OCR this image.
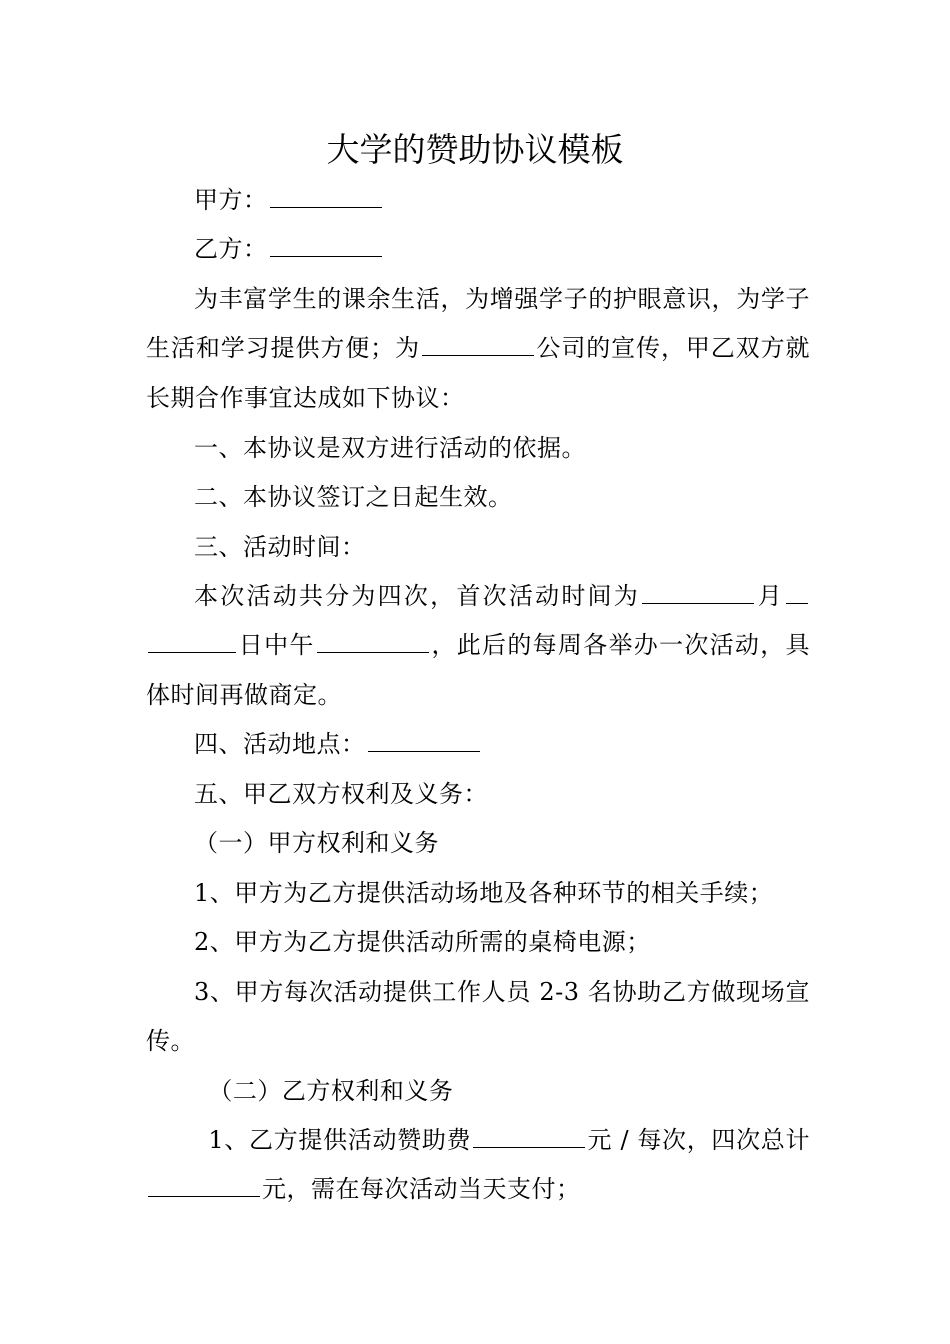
大学的赞助协议模板
甲方：
乙方：
为丰富学生的课余生活，为增强学子的护眼意识，为学子生活和学习提供方便；为	公司的宣传，甲乙双方就长期合作事宜达成如下协议：
一、本协议是双方进行活动的依据。
二、本协议签订之日起生效。
三、活动时间：
本次活动共分为四次，首次活动时间为	月日中午	，此后的每周各举办一次活动，具体时间再做商定。
四、活动地点：
五、甲乙双方权利及义务：
（一）甲方权利和义务
1、甲方为乙方提供活动场地及各种环节的相关手续；
2、甲方为乙方提供活动所需的桌椅电源；
3、甲方每次活动提供工作人员 2-3 名协助乙方做现场宣传。
（二）乙方权利和义务
1、乙方提供活动赞助费	元 / 每次，四次总计元，需在每次活动当天支付；
